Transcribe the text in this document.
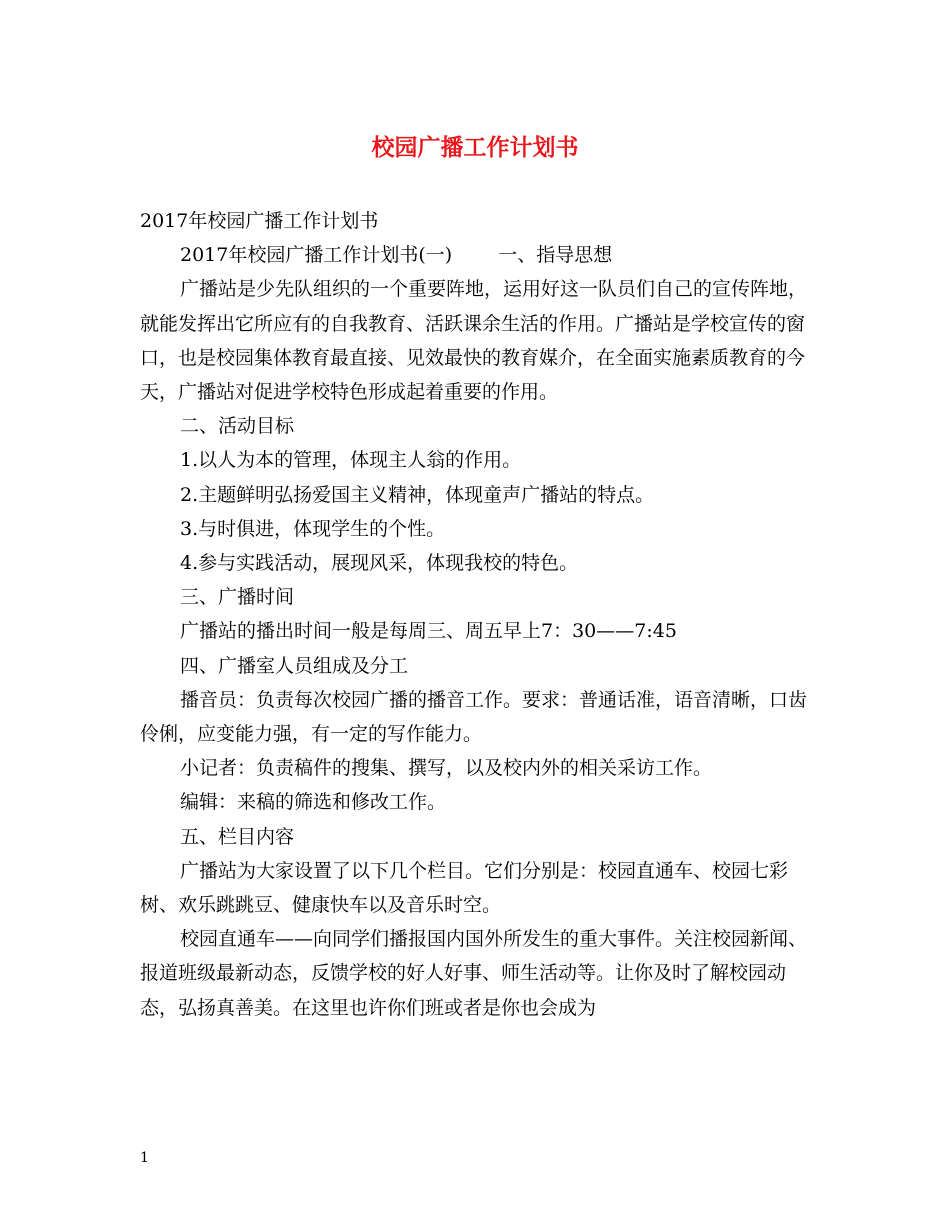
校园广播工作计划书

2017年校园广播工作计划书

2017年校园广播工作计划书(一) 一、指导思想

广播站是少先队组织的一个重要阵地，运用好这一队员们自己的宣传阵地，就能发挥出它所应有的自我教育、活跃课余生活的作用。广播站是学校宣传的窗口，也是校园集体教育最直接、见效最快的教育媒介，在全面实施素质教育的今天，广播站对促进学校特色形成起着重要的作用。

二、活动目标

1.以人为本的管理，体现主人翁的作用。

2.主题鲜明弘扬爱国主义精神，体现童声广播站的特点。

3.与时俱进，体现学生的个性。

4.参与实践活动，展现风采，体现我校的特色。

三、广播时间

广播站的播出时间一般是每周三、周五早上7：30——7:45

四、广播室人员组成及分工

播音员：负责每次校园广播的播音工作。要求：普通话准，语音清晰，口齿伶俐，应变能力强，有一定的写作能力。

小记者：负责稿件的搜集、撰写，以及校内外的相关采访工作。

编辑：来稿的筛选和修改工作。

五、栏目内容

广播站为大家设置了以下几个栏目。它们分别是：校园直通车、校园七彩树、欢乐跳跳豆、健康快车以及音乐时空。

校园直通车——向同学们播报国内国外所发生的重大事件。关注校园新闻、报道班级最新动态，反馈学校的好人好事、师生活动等。让你及时了解校园动态，弘扬真善美。在这里也许你们班或者是你也会成为

1
